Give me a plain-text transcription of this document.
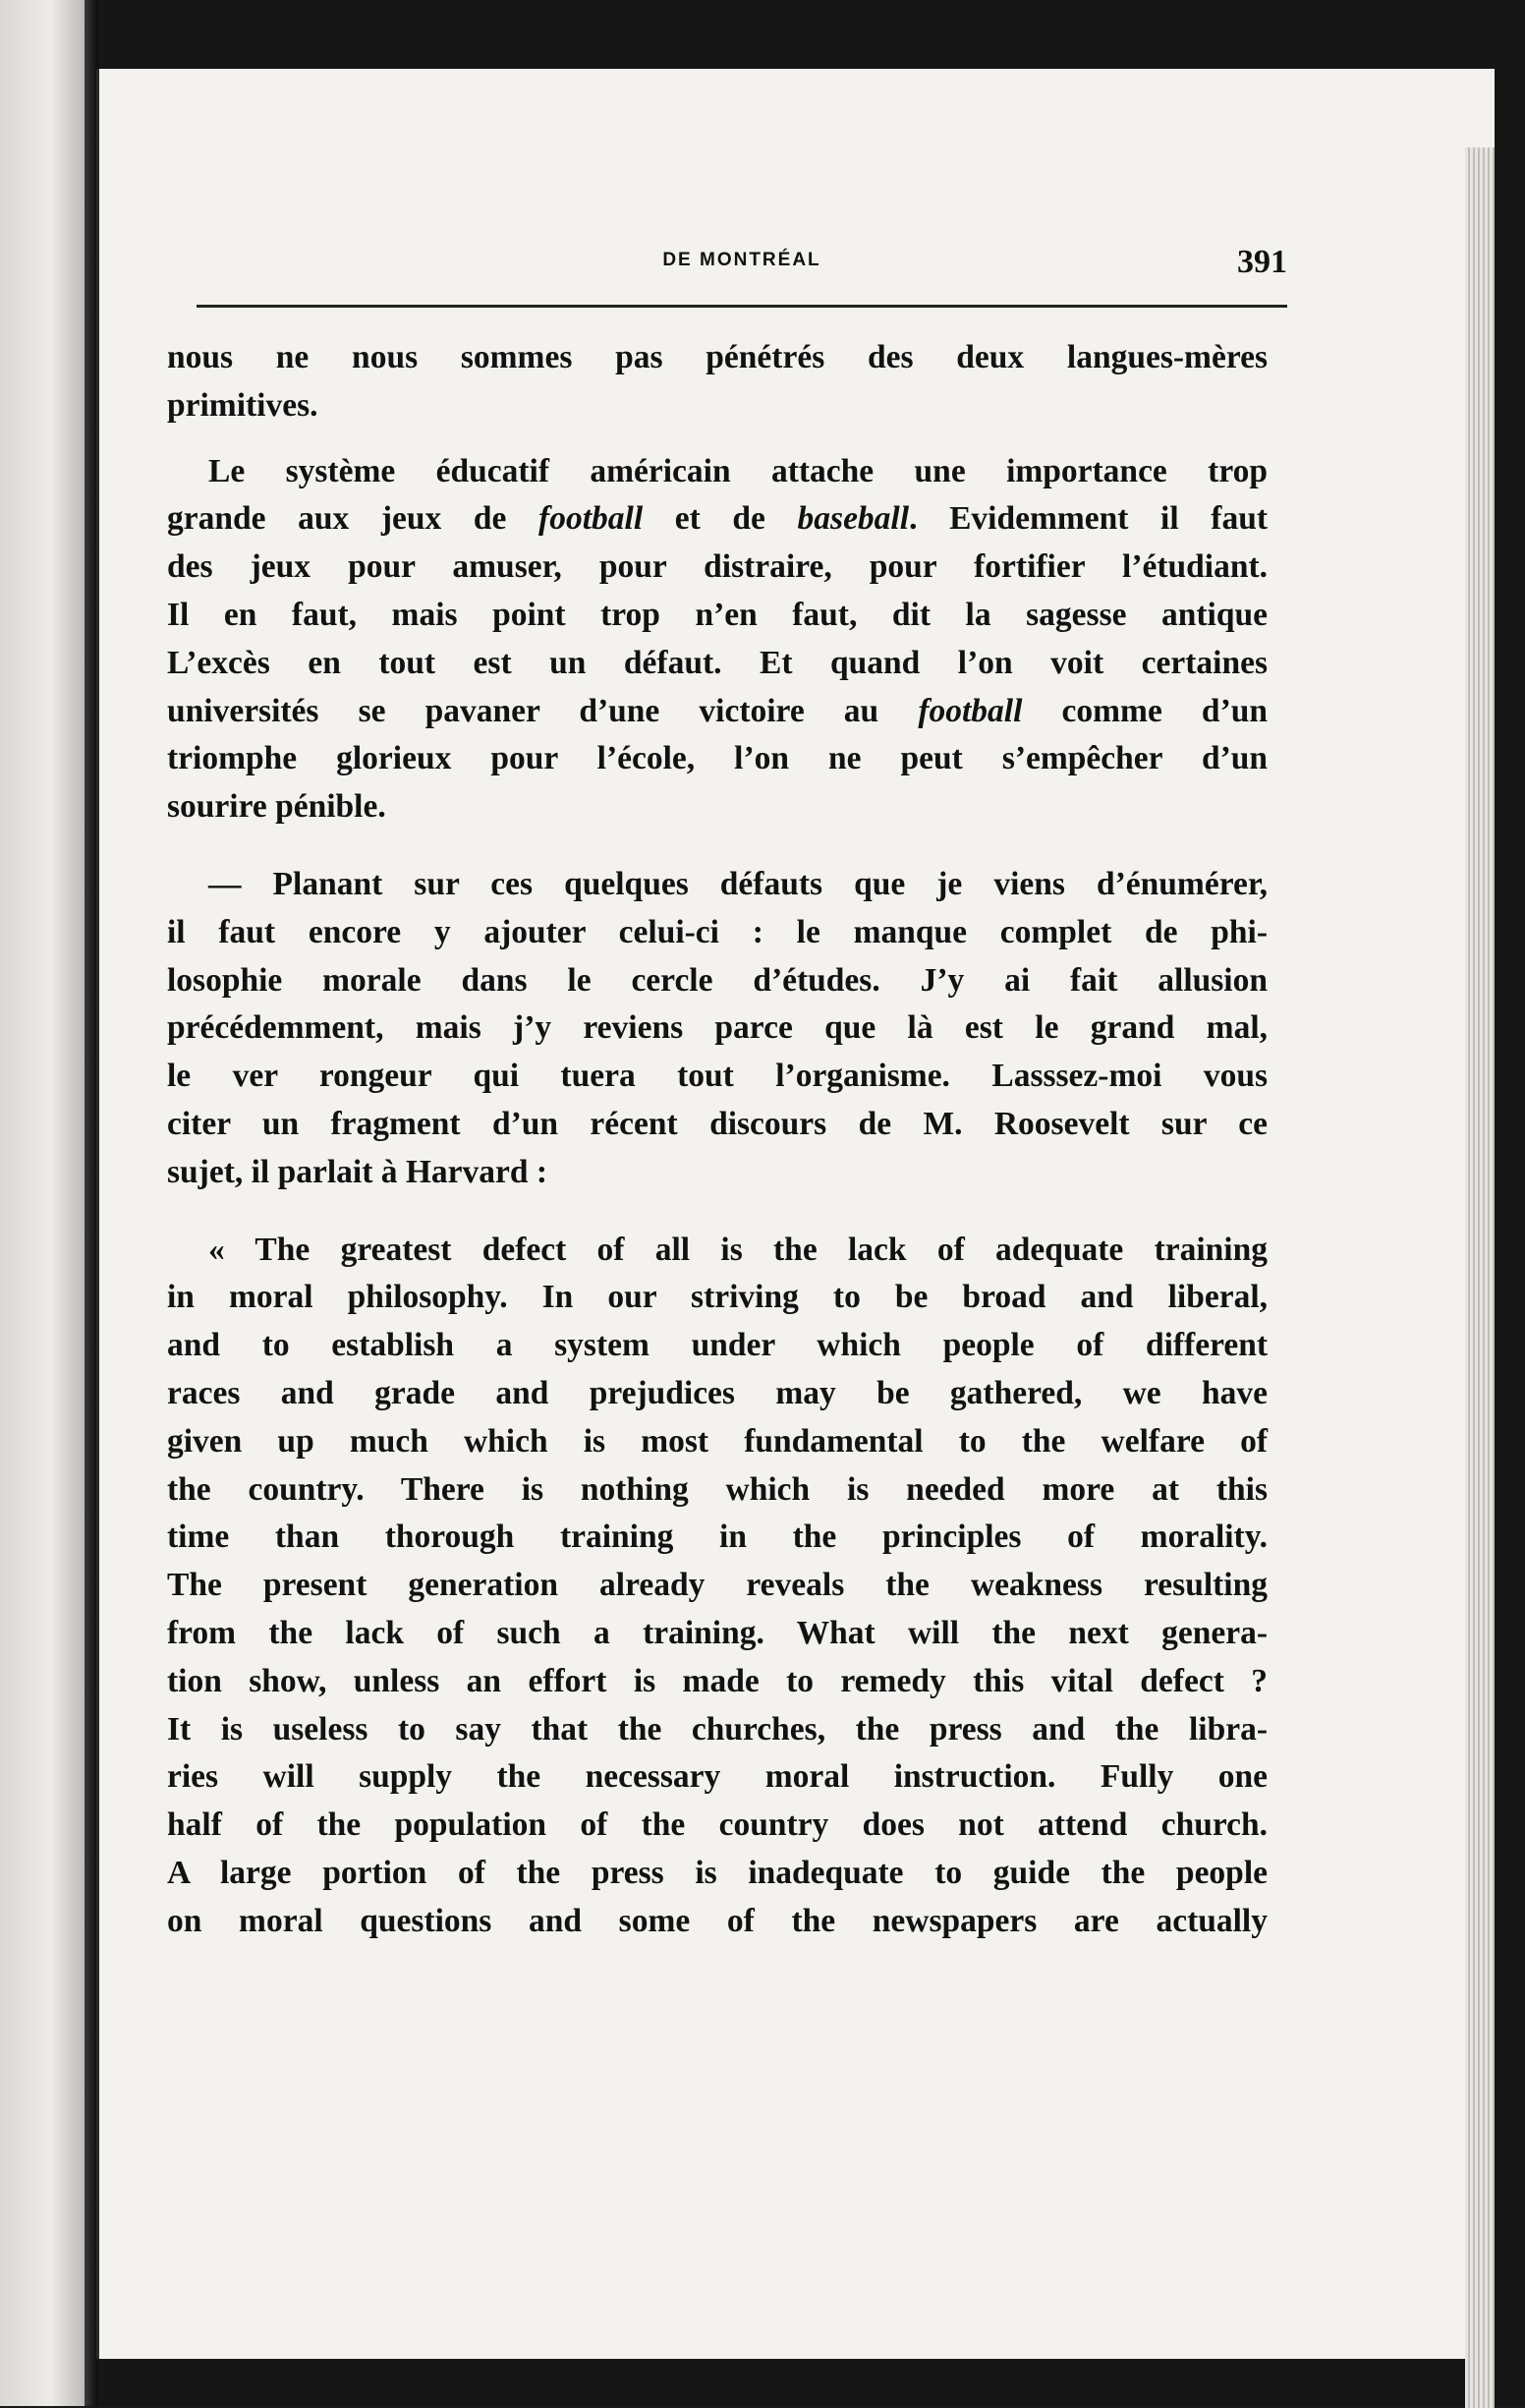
DE MONTRÉAL	391
nous ne nous sommes pas pénétrés des deux langues-mères
primitives.
Le système éducatif américain attache une importance trop
grande aux jeux de football et de baseball. Evidemment il faut
des jeux pour amuser, pour distraire, pour fortifier l’étudiant.
Il en faut, mais point trop n’en faut, dit la sagesse antique
L’excès en tout est un défaut. Et quand l’on voit certaines
universités se pavaner d’une victoire au football comme d’un
triomphe glorieux pour l’école, l’on ne peut s’empêcher d’un
sourire pénible.
— Planant sur ces quelques défauts que je viens d’énumérer,
il faut encore y ajouter celui-ci : le manque complet de phi-
losophie morale dans le cercle d’études. J’y ai fait allusion
précédemment, mais j’y reviens parce que là est le grand mal,
le ver rongeur qui tuera tout l’organisme. Lasssez-moi vous
citer un fragment d’un récent discours de M. Roosevelt sur ce
sujet, il parlait à Harvard :
« The greatest defect of all is the lack of adequate training
in moral philosophy. In our striving to be broad and liberal,
and to establish a system under which people of different
races and grade and prejudices may be gathered, we have
given up much which is most fundamental to the welfare of
the country. There is nothing which is needed more at this
time than thorough training in the principles of morality.
The present generation already reveals the weakness resulting
from the lack of such a training. What will the next genera-
tion show, unless an effort is made to remedy this vital defect ?
It is useless to say that the churches, the press and the libra-
ries will supply the necessary moral instruction. Fully one
half of the population of the country does not attend church.
A large portion of the press is inadequate to guide the people
on moral questions and some of the newspapers are actually
